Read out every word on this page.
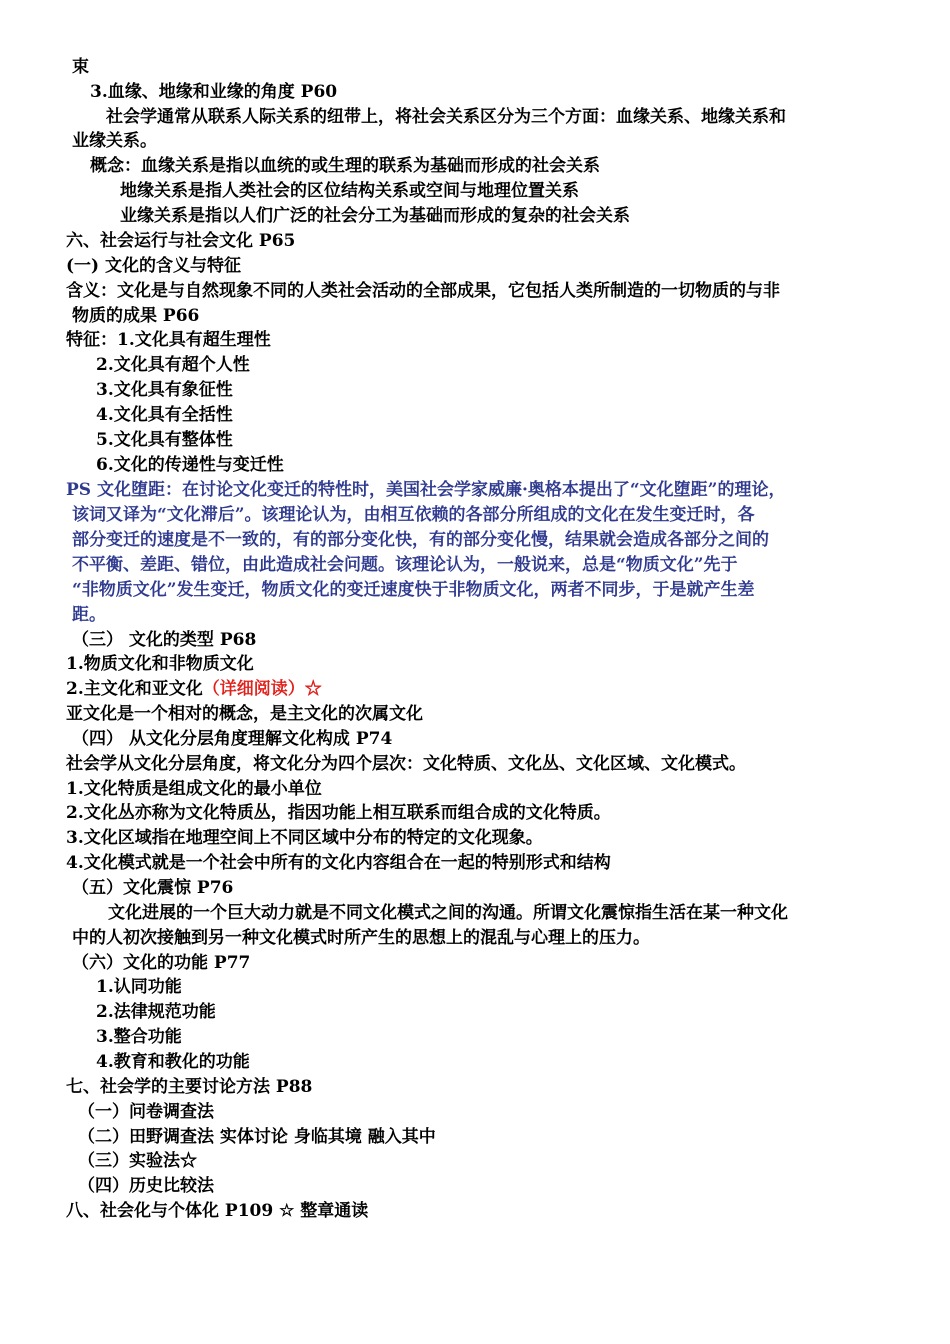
束
3.血缘、地缘和业缘的角度 P60
社会学通常从联系人际关系的纽带上，将社会关系区分为三个方面：血缘关系、地缘关系和
业缘关系。
概念：血缘关系是指以血统的或生理的联系为基础而形成的社会关系
地缘关系是指人类社会的区位结构关系或空间与地理位置关系
业缘关系是指以人们广泛的社会分工为基础而形成的复杂的社会关系
六、社会运行与社会文化 P65
(一) 文化的含义与特征
含义：文化是与自然现象不同的人类社会活动的全部成果，它包括人类所制造的一切物质的与非
物质的成果 P66
特征：1.文化具有超生理性
2.文化具有超个人性
3.文化具有象征性
4.文化具有全括性
5.文化具有整体性
6.文化的传递性与变迁性
PS 文化堕距：在讨论文化变迁的特性时，美国社会学家威廉·奥格本提出了“文化堕距”的理论，
该词又译为“文化滞后”。该理论认为，由相互依赖的各部分所组成的文化在发生变迁时，各
部分变迁的速度是不一致的，有的部分变化快，有的部分变化慢，结果就会造成各部分之间的
不平衡、差距、错位，由此造成社会问题。该理论认为，一般说来，总是“物质文化”先于
“非物质文化”发生变迁，物质文化的变迁速度快于非物质文化，两者不同步，于是就产生差
距。
（三） 文化的类型 P68
1.物质文化和非物质文化
2.主文化和亚文化（详细阅读）☆
亚文化是一个相对的概念，是主文化的次属文化
（四） 从文化分层角度理解文化构成 P74
社会学从文化分层角度，将文化分为四个层次：文化特质、文化丛、文化区域、文化模式。
1.文化特质是组成文化的最小单位
2.文化丛亦称为文化特质丛，指因功能上相互联系而组合成的文化特质。
3.文化区域指在地理空间上不同区域中分布的特定的文化现象。
4.文化模式就是一个社会中所有的文化内容组合在一起的特别形式和结构
（五）文化震惊 P76
文化进展的一个巨大动力就是不同文化模式之间的沟通。所谓文化震惊指生活在某一种文化
中的人初次接触到另一种文化模式时所产生的思想上的混乱与心理上的压力。
（六）文化的功能 P77
1.认同功能
2.法律规范功能
3.整合功能
4.教育和教化的功能
七、社会学的主要讨论方法 P88
（一）问卷调查法
（二）田野调查法 实体讨论 身临其境 融入其中
（三）实验法☆
（四）历史比较法
八、社会化与个体化 P109 ☆ 整章通读
